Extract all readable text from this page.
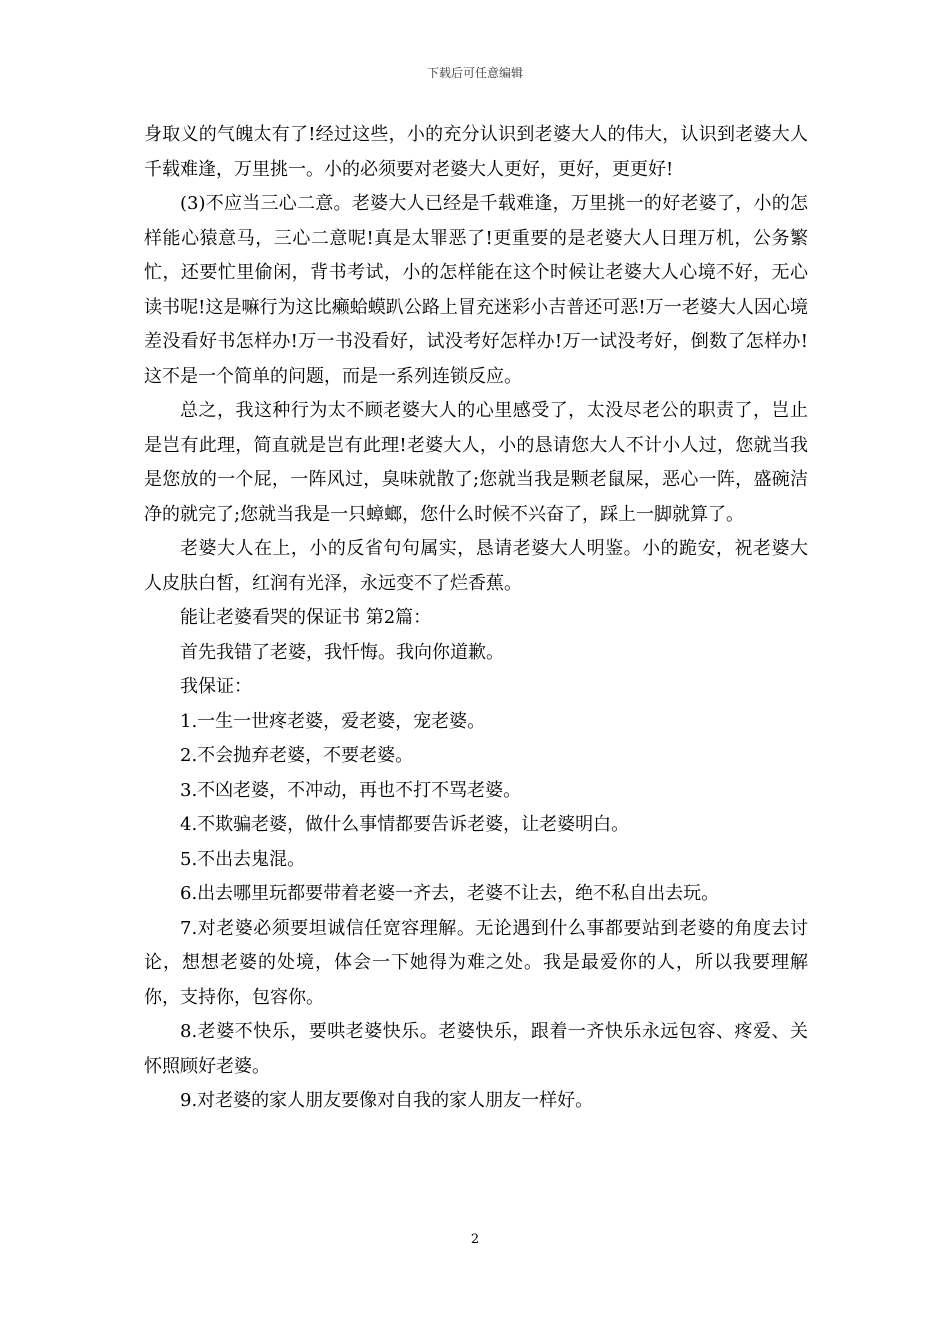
下载后可任意编辑

身取义的气魄太有了!经过这些，小的充分认识到老婆大人的伟大，认识到老婆大人千载难逢，万里挑一。小的必须要对老婆大人更好，更好，更更好!

(3)不应当三心二意。老婆大人已经是千载难逢，万里挑一的好老婆了，小的怎样能心猿意马，三心二意呢!真是太罪恶了!更重要的是老婆大人日理万机，公务繁忙，还要忙里偷闲，背书考试，小的怎样能在这个时候让老婆大人心境不好，无心读书呢!这是嘛行为这比癞蛤蟆趴公路上冒充迷彩小吉普还可恶!万一老婆大人因心境差没看好书怎样办!万一书没看好，试没考好怎样办!万一试没考好，倒数了怎样办!这不是一个简单的问题，而是一系列连锁反应。

总之，我这种行为太不顾老婆大人的心里感受了，太没尽老公的职责了，岂止是岂有此理，简直就是岂有此理!老婆大人，小的恳请您大人不计小人过，您就当我是您放的一个屁，一阵风过，臭味就散了;您就当我是颗老鼠屎，恶心一阵，盛碗洁净的就完了;您就当我是一只蟑螂，您什么时候不兴奋了，踩上一脚就算了。

老婆大人在上，小的反省句句属实，恳请老婆大人明鉴。小的跪安，祝老婆大人皮肤白皙，红润有光泽，永远变不了烂香蕉。

能让老婆看哭的保证书 第2篇：

首先我错了老婆，我忏悔。我向你道歉。

我保证：

1.一生一世疼老婆，爱老婆，宠老婆。

2.不会抛弃老婆，不要老婆。

3.不凶老婆，不冲动，再也不打不骂老婆。

4.不欺骗老婆，做什么事情都要告诉老婆，让老婆明白。

5.不出去鬼混。

6.出去哪里玩都要带着老婆一齐去，老婆不让去，绝不私自出去玩。

7.对老婆必须要坦诚信任宽容理解。无论遇到什么事都要站到老婆的角度去讨论，想想老婆的处境，体会一下她得为难之处。我是最爱你的人，所以我要理解你，支持你，包容你。

8.老婆不快乐，要哄老婆快乐。老婆快乐，跟着一齐快乐永远包容、疼爱、关怀照顾好老婆。

9.对老婆的家人朋友要像对自我的家人朋友一样好。

2
